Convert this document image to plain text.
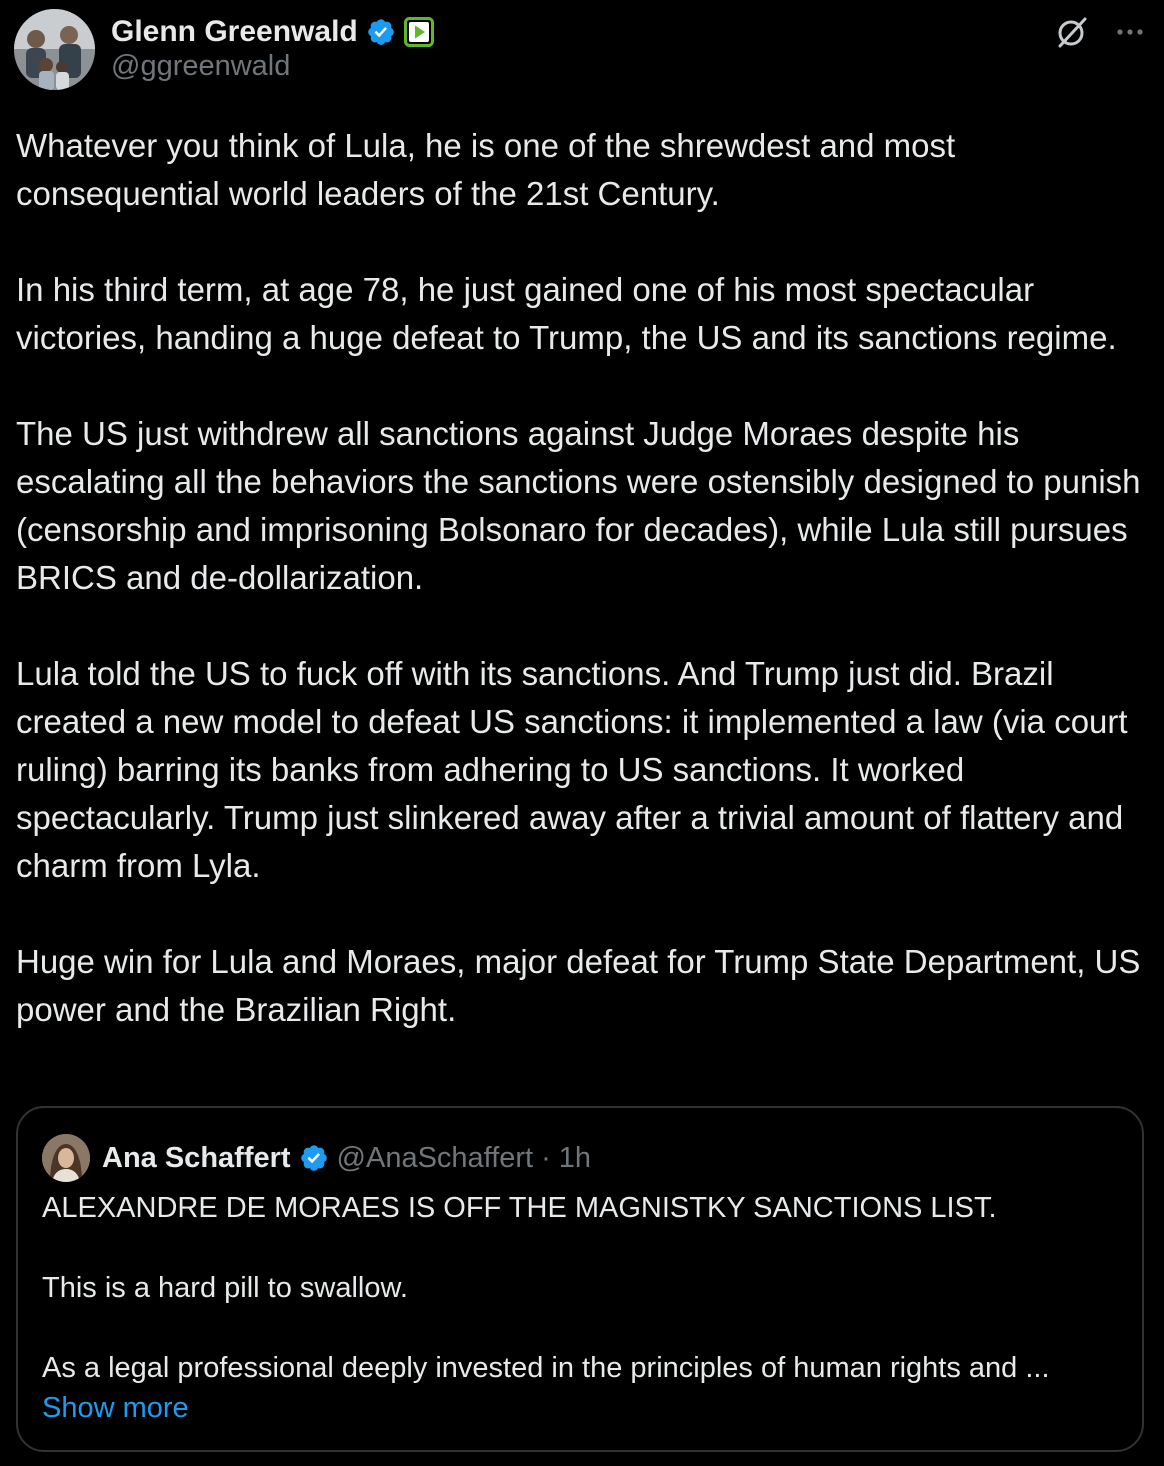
Glenn Greenwald
@ggreenwald

Whatever you think of Lula, he is one of the shrewdest and most consequential world leaders of the 21st Century.

In his third term, at age 78, he just gained one of his most spectacular victories, handing a huge defeat to Trump, the US and its sanctions regime.

The US just withdrew all sanctions against Judge Moraes despite his escalating all the behaviors the sanctions were ostensibly designed to punish (censorship and imprisoning Bolsonaro for decades), while Lula still pursues BRICS and de-dollarization.

Lula told the US to fuck off with its sanctions. And Trump just did. Brazil created a new model to defeat US sanctions: it implemented a law (via court ruling) barring its banks from adhering to US sanctions. It worked spectacularly. Trump just slinkered away after a trivial amount of flattery and charm from Lyla.

Huge win for Lula and Moraes, major defeat for Trump State Department, US power and the Brazilian Right.

Ana Schaffert @AnaSchaffert · 1h

ALEXANDRE DE MORAES IS OFF THE MAGNISTKY SANCTIONS LIST.

This is a hard pill to swallow.

As a legal professional deeply invested in the principles of human rights and ...

Show more
